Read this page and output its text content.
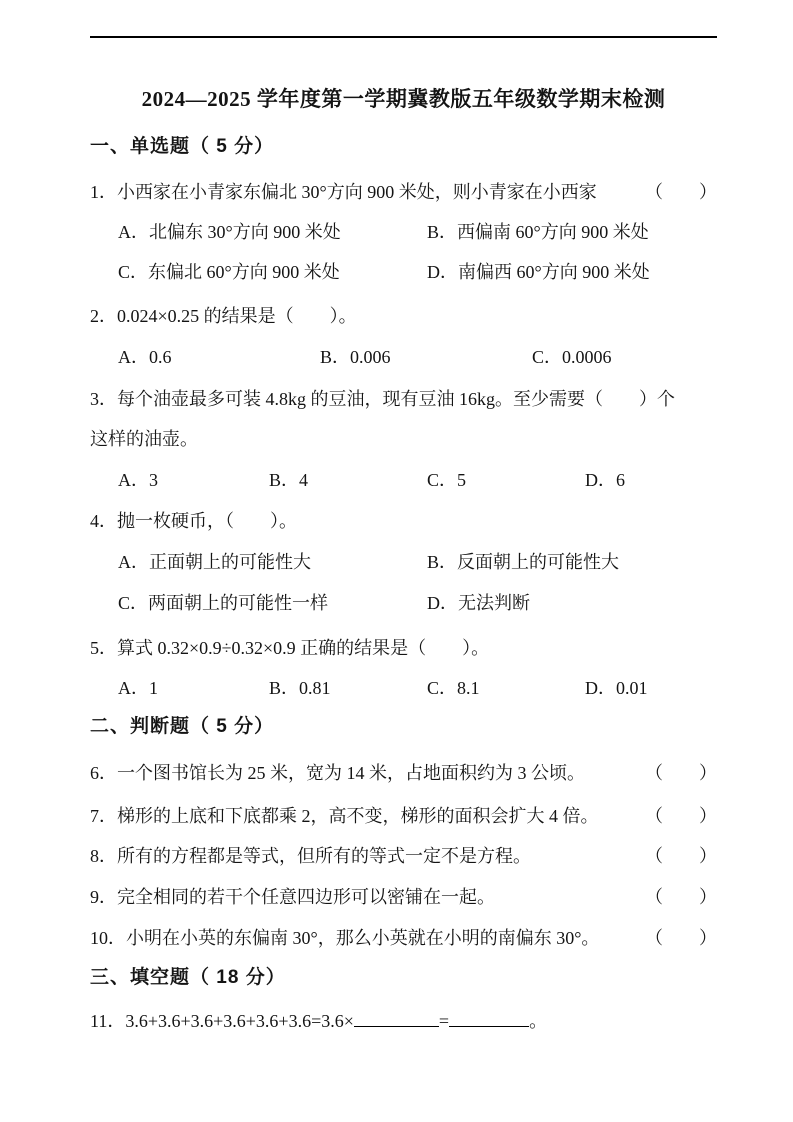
2024—2025 学年度第一学期冀教版五年级数学期末检测
一、单选题（ 5 分）
1．小西家在小青家东偏北 30°方向 900 米处，则小青家在小西家	（　　）
A．北偏东 30°方向 900 米处	B．西偏南 60°方向 900 米处
C．东偏北 60°方向 900 米处	D．南偏西 60°方向 900 米处
2．0.024×0.25 的结果是（　　）。
A．0.6	B．0.006	C．0.0006
3．每个油壶最多可装 4.8kg 的豆油，现有豆油 16kg。至少需要（　　）个
这样的油壶。
A．3	B．4	C．5	D．6
4．抛一枚硬币，（　　）。
A．正面朝上的可能性大	B．反面朝上的可能性大
C．两面朝上的可能性一样	D．无法判断
5．算式 0.32×0.9÷0.32×0.9 正确的结果是（　　）。
A．1	B．0.81	C．8.1	D．0.01
二、判断题（ 5 分）
6．一个图书馆长为 25 米，宽为 14 米，占地面积约为 3 公顷。	（　　）
7．梯形的上底和下底都乘 2，高不变，梯形的面积会扩大 4 倍。	（　　）
8．所有的方程都是等式，但所有的等式一定不是方程。	（　　）
9．完全相同的若干个任意四边形可以密铺在一起。	（　　）
10．小明在小英的东偏南 30°，那么小英就在小明的南偏东 30°。	（　　）
三、填空题（ 18 分）
11．3.6+3.6+3.6+3.6+3.6+3.6=3.6×	=	。
